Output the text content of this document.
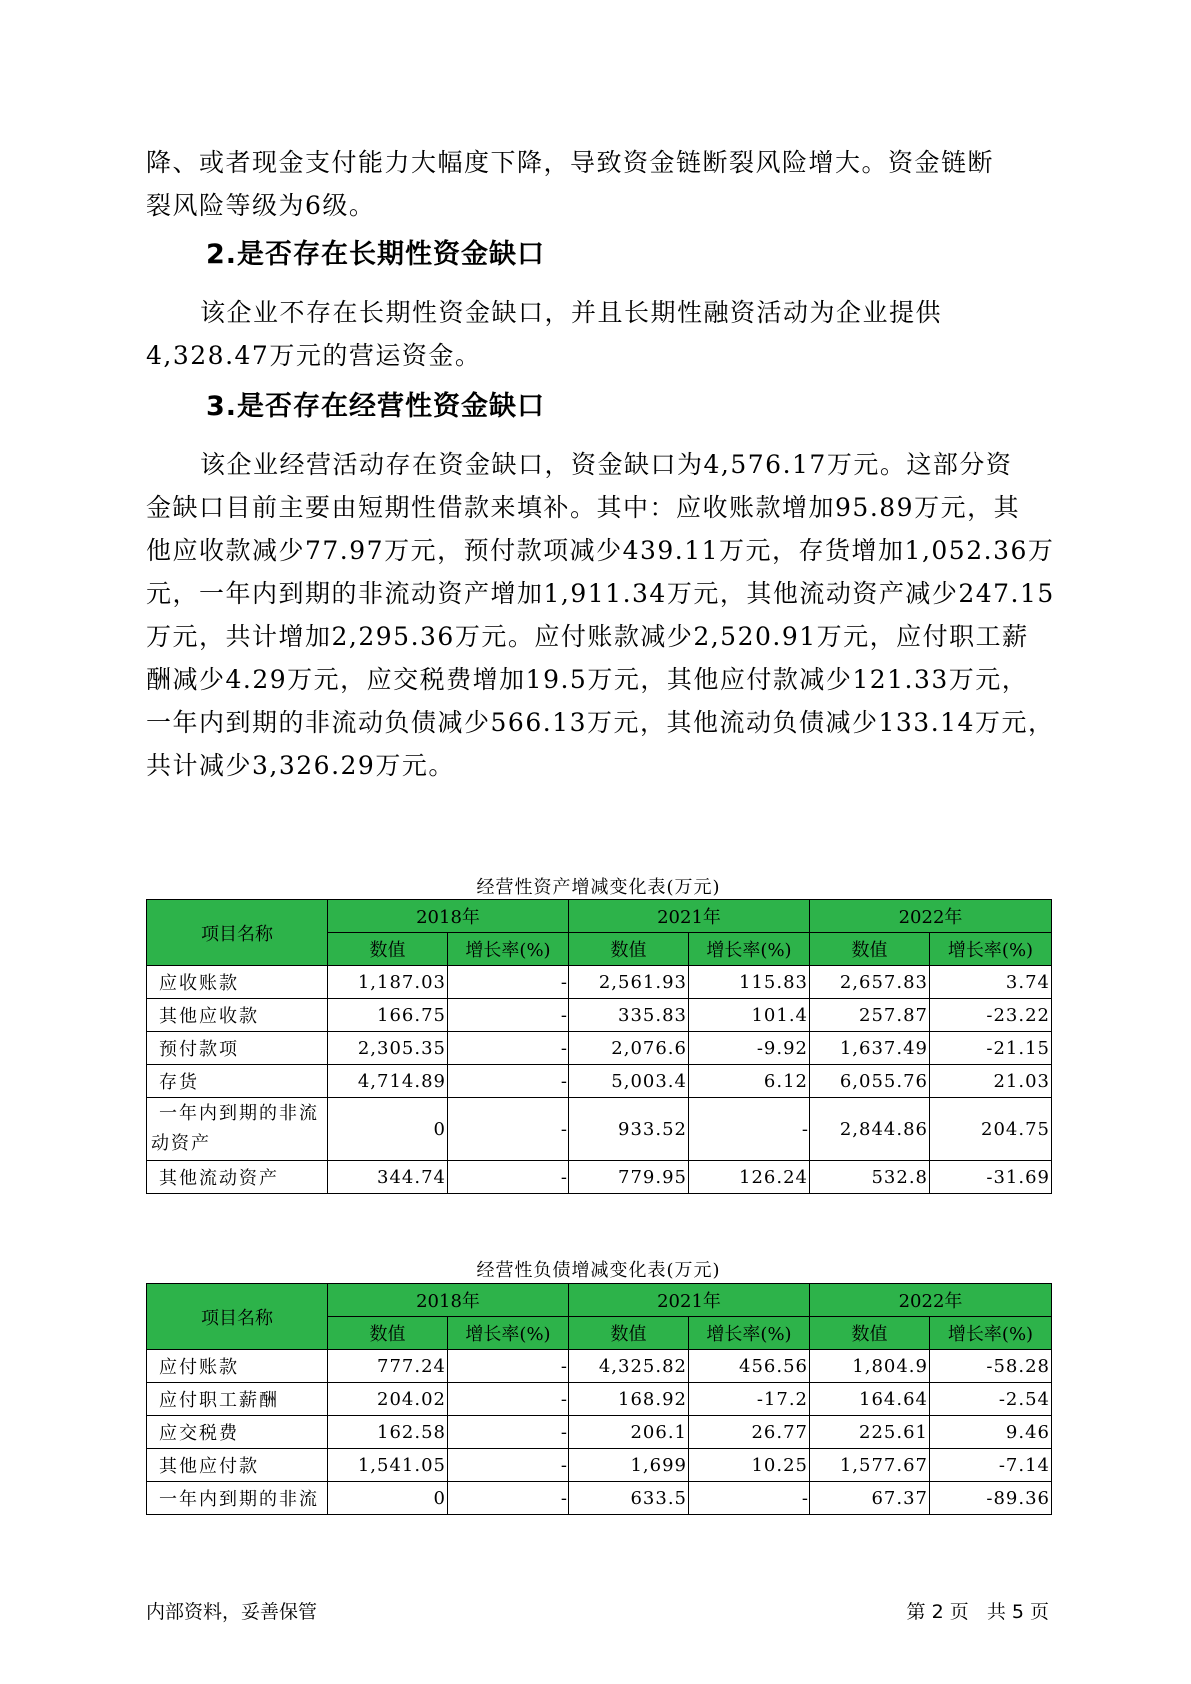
降、或者现金支付能力大幅度下降，导致资金链断裂风险增大。资金链断
裂风险等级为6级。
2.是否存在长期性资金缺口
该企业不存在长期性资金缺口，并且长期性融资活动为企业提供
4,328.47万元的营运资金。
3.是否存在经营性资金缺口
该企业经营活动存在资金缺口，资金缺口为4,576.17万元。这部分资
金缺口目前主要由短期性借款来填补。其中：应收账款增加95.89万元，其
他应收款减少77.97万元，预付款项减少439.11万元，存货增加1,052.36万
元，一年内到期的非流动资产增加1,911.34万元，其他流动资产减少247.15
万元，共计增加2,295.36万元。应付账款减少2,520.91万元，应付职工薪
酬减少4.29万元，应交税费增加19.5万元，其他应付款减少121.33万元，
一年内到期的非流动负债减少566.13万元，其他流动负债减少133.14万元，
共计减少3,326.29万元。
经营性资产增减变化表(万元)
项目名称	2018年		2021年		2022年	
	数值	增长率(%)	数值	增长率(%)	数值	增长率(%)
应收账款	1,187.03	-	2,561.93	115.83	2,657.83	3.74
其他应收款	166.75	-	335.83	101.4	257.87	-23.22
预付款项	2,305.35	-	2,076.6	-9.92	1,637.49	-21.15
存货	4,714.89	-	5,003.4	6.12	6,055.76	21.03

一年内到期的非流
动资产	0	-	933.52	-	2,844.86	204.75
其他流动资产	344.74	-	779.95	126.24	532.8	-31.69
经营性负债增减变化表(万元)
项目名称	2018年		2021年		2022年	
	数值	增长率(%)	数值	增长率(%)	数值	增长率(%)
应付账款	777.24	-	4,325.82	456.56	1,804.9	-58.28
应付职工薪酬	204.02	-	168.92	-17.2	164.64	-2.54
应交税费	162.58	-	206.1	26.77	225.61	9.46
其他应付款	1,541.05	-	1,699	10.25	1,577.67	-7.14
一年内到期的非流	0	-	633.5	-	67.37	-89.36
内部资料，妥善保管	第 2 页   共 5 页
